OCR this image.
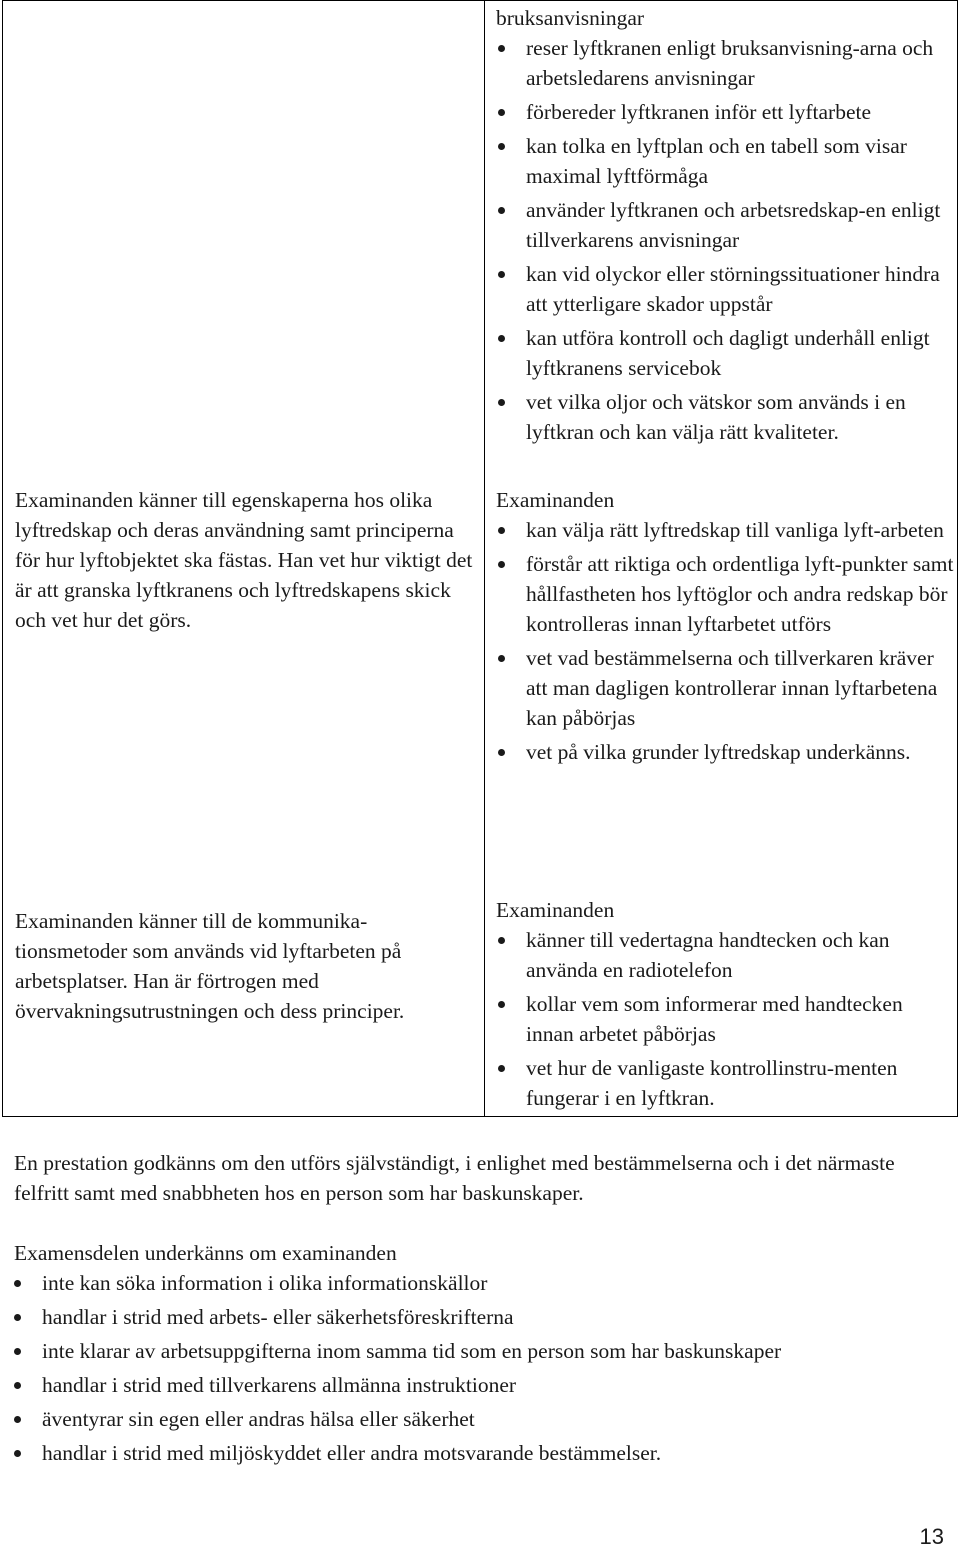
bruksanvisningar

reser lyftkranen enligt bruksanvisning-arna och arbetsledarens anvisningar
förbereder lyftkranen inför ett lyftarbete
kan tolka en lyftplan och en tabell som visar maximal lyftförmåga
använder lyftkranen och arbetsredskap-en enligt tillverkarens anvisningar
kan vid olyckor eller störningssituationer hindra att ytterligare skador uppstår
kan utföra kontroll och dagligt underhåll enligt lyftkranens servicebok
vet vilka oljor och vätskor som används i en lyftkran och kan välja rätt kvaliteter.

Examinanden känner till egenskaperna hos olika lyftredskap och deras användning samt principerna för hur lyftobjektet ska fästas. Han vet hur viktigt det är att granska lyftkranens och lyftredskapens skick och vet hur det görs.

Examinanden

kan välja rätt lyftredskap till vanliga lyft-arbeten
förstår att riktiga och ordentliga lyft-punkter samt hållfastheten hos lyftöglor och andra redskap bör kontrolleras innan lyftarbetet utförs
vet vad bestämmelserna och tillverkaren kräver att man dagligen kontrollerar innan lyftarbetena kan påbörjas
vet på vilka grunder lyftredskap underkänns.

Examinanden känner till de kommunika-tionsmetoder som används vid lyftarbeten på arbetsplatser. Han är förtrogen med övervakningsutrustningen och dess principer.

Examinanden

känner till vedertagna handtecken och kan använda en radiotelefon
kollar vem som informerar med handtecken innan arbetet påbörjas
vet hur de vanligaste kontrollinstru-menten fungerar i en lyftkran.

En prestation godkänns om den utförs självständigt, i enlighet med bestämmelserna och i det närmaste felfritt samt med snabbheten hos en person som har baskunskaper.

Examensdelen underkänns om examinanden

inte kan söka information i olika informationskällor
handlar i strid med arbets- eller säkerhetsföreskrifterna
inte klarar av arbetsuppgifterna inom samma tid som en person som har baskunskaper
handlar i strid med tillverkarens allmänna instruktioner
äventyrar sin egen eller andras hälsa eller säkerhet
handlar i strid med miljöskyddet eller andra motsvarande bestämmelser.
13
